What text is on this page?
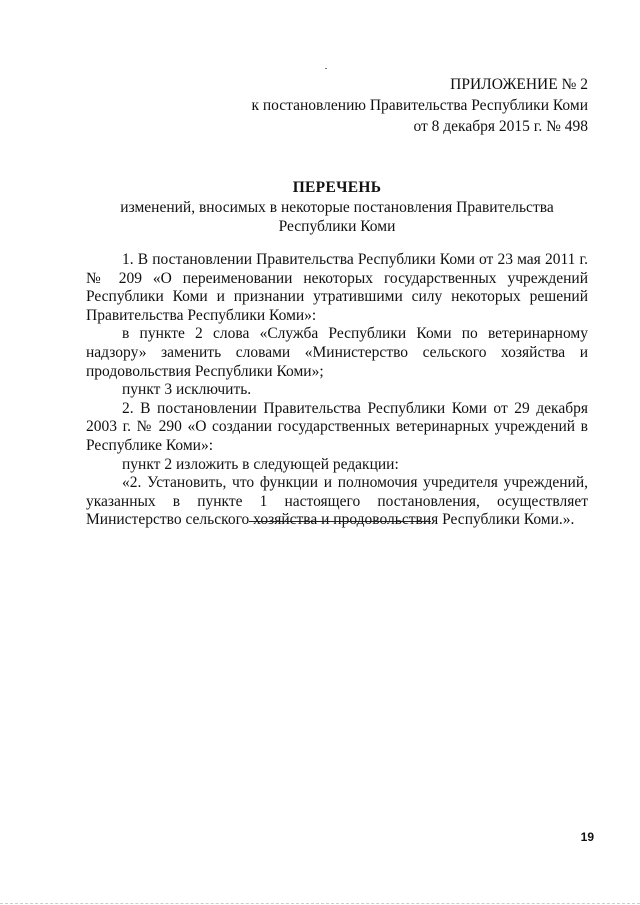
ПРИЛОЖЕНИЕ № 2
к постановлению Правительства Республики Коми
от 8 декабря 2015 г. № 498
ПЕРЕЧЕНЬ
изменений, вносимых в некоторые постановления Правительства
Республики Коми

1. В постановлении Правительства Республики Коми от 23 мая 2011 г. № 209 «О переименовании некоторых государственных учреждений Республики Коми и признании утратившими силу некоторых решений Правительства Республики Коми»:

в пункте 2 слова «Служба Республики Коми по ветеринарному надзору» заменить словами «Министерство сельского хозяйства и продовольствия Республики Коми»;

пункт 3 исключить.

2. В постановлении Правительства Республики Коми от 29 декабря 2003 г. № 290 «О создании государственных ветеринарных учреждений в Республике Коми»:

пункт 2 изложить в следующей редакции:

«2. Установить, что функции и полномочия учредителя учреждений, указанных в пункте 1 настоящего постановления, осуществляет Министерство сельского хозяйства и продовольствия Республики Коми.».

19
